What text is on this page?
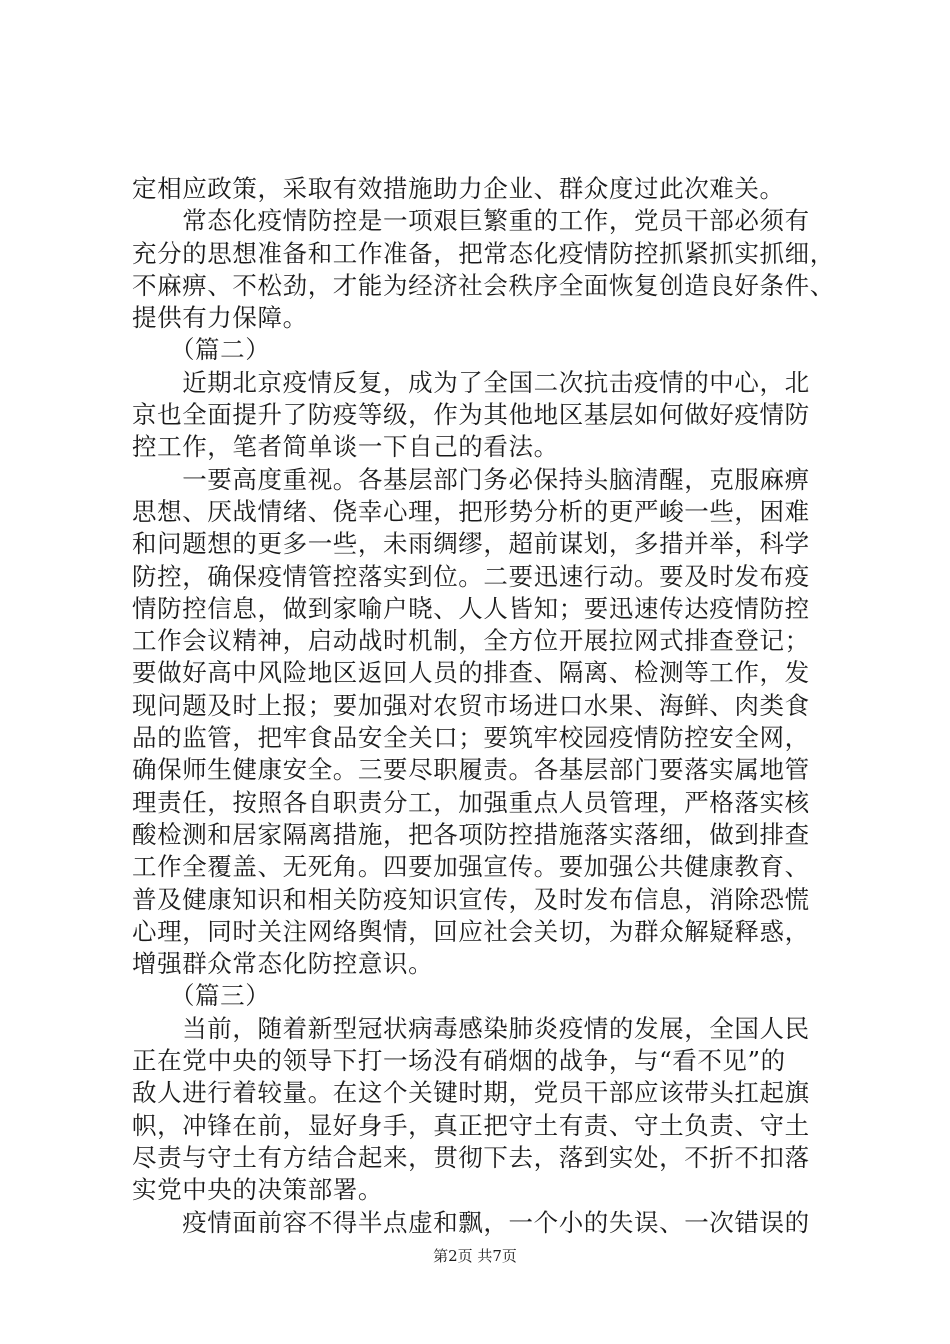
定相应政策，采取有效措施助力企业、群众度过此次难关。
　　常态化疫情防控是一项艰巨繁重的工作，党员干部必须有
充分的思想准备和工作准备，把常态化疫情防控抓紧抓实抓细，
不麻痹、不松劲，才能为经济社会秩序全面恢复创造良好条件、
提供有力保障。
　　（篇二）
　　近期北京疫情反复，成为了全国二次抗击疫情的中心，北
京也全面提升了防疫等级，作为其他地区基层如何做好疫情防
控工作，笔者简单谈一下自己的看法。
　　一要高度重视。各基层部门务必保持头脑清醒，克服麻痹
思想、厌战情绪、侥幸心理，把形势分析的更严峻一些，困难
和问题想的更多一些，未雨绸缪，超前谋划，多措并举，科学
防控，确保疫情管控落实到位。二要迅速行动。要及时发布疫
情防控信息，做到家喻户晓、人人皆知；要迅速传达疫情防控
工作会议精神，启动战时机制，全方位开展拉网式排查登记；
要做好高中风险地区返回人员的排查、隔离、检测等工作，发
现问题及时上报；要加强对农贸市场进口水果、海鲜、肉类食
品的监管，把牢食品安全关口；要筑牢校园疫情防控安全网，
确保师生健康安全。三要尽职履责。各基层部门要落实属地管
理责任，按照各自职责分工，加强重点人员管理，严格落实核
酸检测和居家隔离措施，把各项防控措施落实落细，做到排查
工作全覆盖、无死角。四要加强宣传。要加强公共健康教育、
普及健康知识和相关防疫知识宣传，及时发布信息，消除恐慌
心理，同时关注网络舆情，回应社会关切，为群众解疑释惑，
增强群众常态化防控意识。
　　（篇三）
　　当前，随着新型冠状病毒感染肺炎疫情的发展，全国人民
正在党中央的领导下打一场没有硝烟的战争，与“看不见”的
敌人进行着较量。在这个关键时期，党员干部应该带头扛起旗
帜，冲锋在前，显好身手，真正把守土有责、守土负责、守土
尽责与守土有方结合起来，贯彻下去，落到实处，不折不扣落
实党中央的决策部署。
　　疫情面前容不得半点虚和飘，一个小的失误、一次错误的
第2页 共7页
